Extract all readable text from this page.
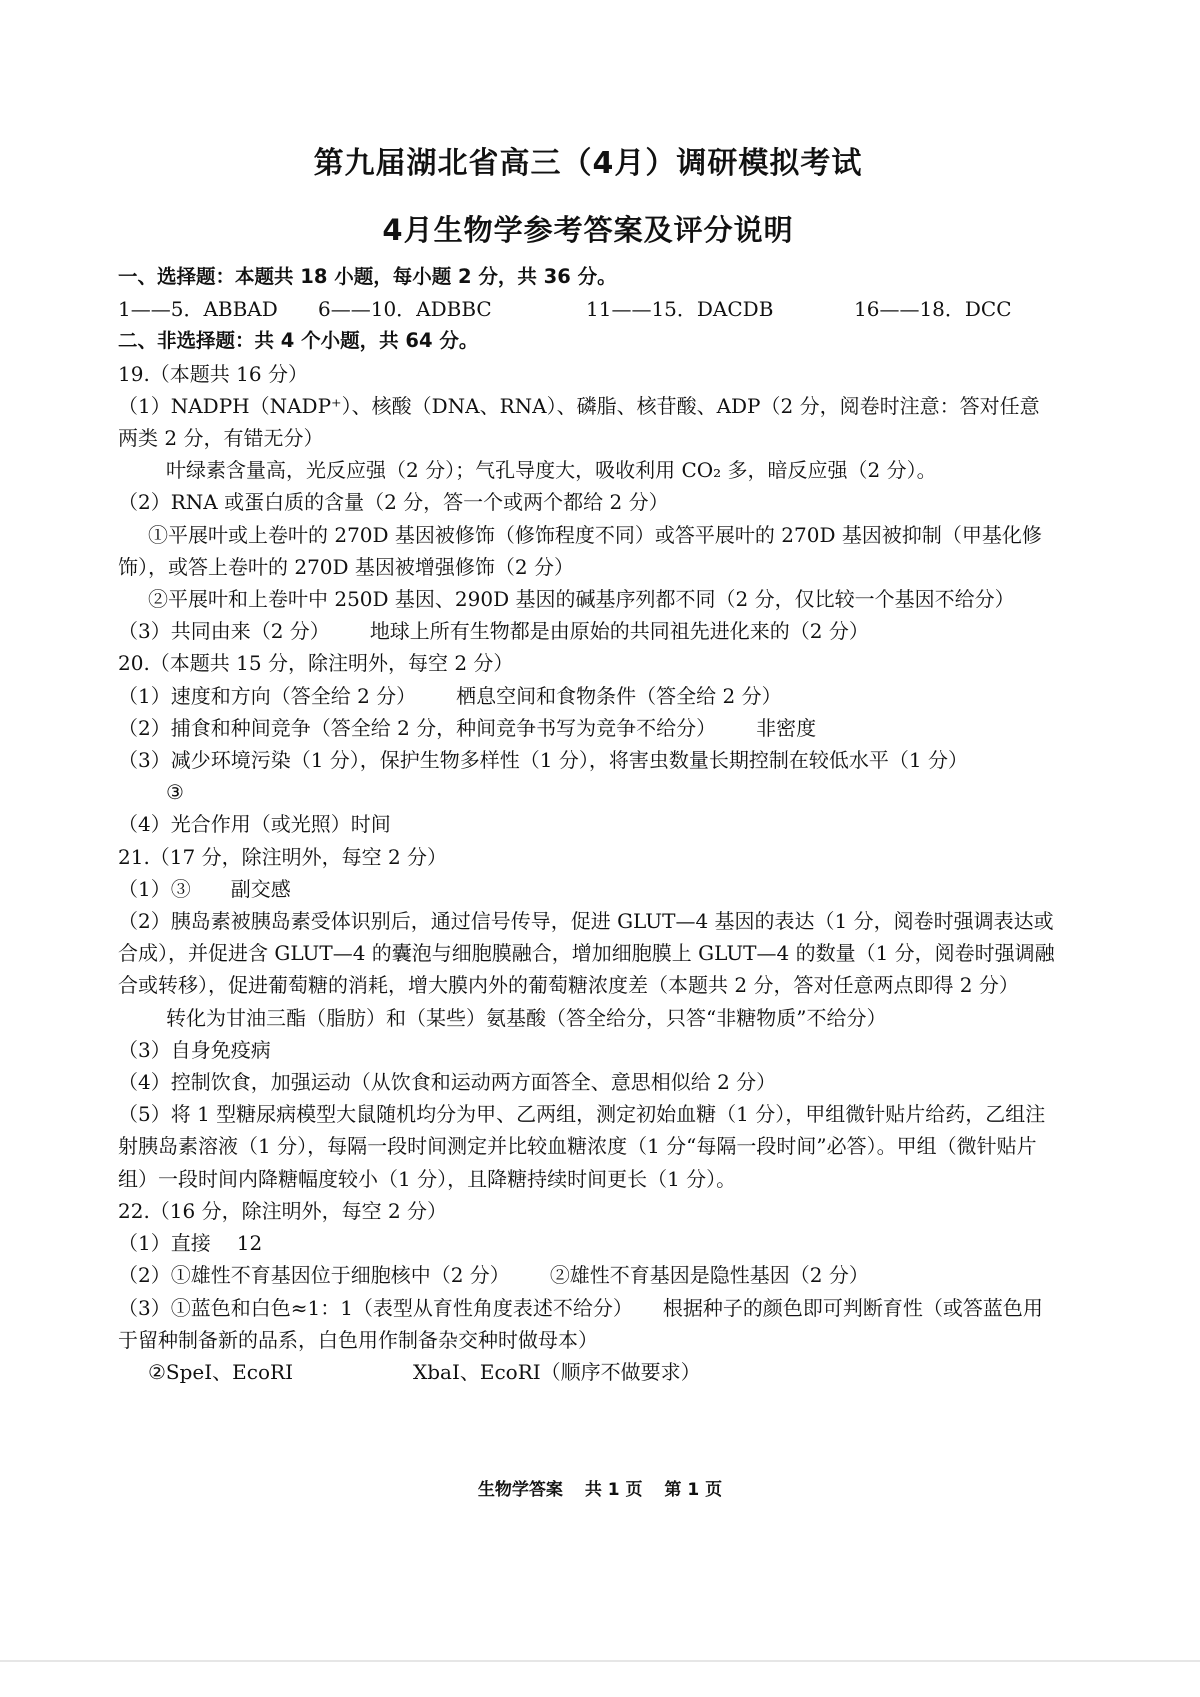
第九届湖北省高三（4月）调研模拟考试
4月生物学参考答案及评分说明
一、选择题：本题共 18 小题，每小题 2 分，共 36 分。
1——5．ABBAD 6——10．ADBBC	11——15．DACDB	16——18．DCC
二、非选择题：共 4 个小题，共 64 分。
19.（本题共 16 分）
（1）NADPH（NADP⁺）、核酸（DNA、RNA）、磷脂、核苷酸、ADP（2 分，阅卷时注意：答对任意两类 2 分，有错无分）
叶绿素含量高，光反应强（2 分）；气孔导度大，吸收利用 CO₂ 多，暗反应强（2 分）。
（2）RNA 或蛋白质的含量（2 分，答一个或两个都给 2 分）
①平展叶或上卷叶的 270D 基因被修饰（修饰程度不同）或答平展叶的 270D 基因被抑制（甲基化修饰），或答上卷叶的 270D 基因被增强修饰（2 分）
②平展叶和上卷叶中 250D 基因、290D 基因的碱基序列都不同（2 分，仅比较一个基因不给分）
（3）共同由来（2 分） 地球上所有生物都是由原始的共同祖先进化来的（2 分）
20.（本题共 15 分，除注明外，每空 2 分）
（1）速度和方向（答全给 2 分） 栖息空间和食物条件（答全给 2 分）
（2）捕食和种间竞争（答全给 2 分，种间竞争书写为竞争不给分） 非密度
（3）减少环境污染（1 分），保护生物多样性（1 分），将害虫数量长期控制在较低水平（1 分）
③
（4）光合作用（或光照）时间
21.（17 分，除注明外，每空 2 分）
（1）③ 副交感
（2）胰岛素被胰岛素受体识别后，通过信号传导，促进 GLUT—4 基因的表达（1 分，阅卷时强调表达或合成），并促进含 GLUT—4 的囊泡与细胞膜融合，增加细胞膜上 GLUT—4 的数量（1 分，阅卷时强调融合或转移），促进葡萄糖的消耗，增大膜内外的葡萄糖浓度差（本题共 2 分，答对任意两点即得 2 分）
转化为甘油三酯（脂肪）和（某些）氨基酸（答全给分，只答“非糖物质”不给分）
（3）自身免疫病
（4）控制饮食，加强运动（从饮食和运动两方面答全、意思相似给 2 分）
（5）将 1 型糖尿病模型大鼠随机均分为甲、乙两组，测定初始血糖（1 分），甲组微针贴片给药，乙组注射胰岛素溶液（1 分），每隔一段时间测定并比较血糖浓度（1 分“每隔一段时间”必答）。甲组（微针贴片组）一段时间内降糖幅度较小（1 分），且降糖持续时间更长（1 分）。
22.（16 分，除注明外，每空 2 分）
（1）直接 12
（2）①雄性不育基因位于细胞核中（2 分） ②雄性不育基因是隐性基因（2 分）
（3）①蓝色和白色≈1：1（表型从育性角度表述不给分）　　根据种子的颜色即可判断育性（或答蓝色用于留种制备新的品系，白色用作制备杂交种时做母本）
②SpeⅠ、EcoRⅠ	XbaⅠ、EcoRⅠ（顺序不做要求）
生物学答案 共 1 页 第 1 页
